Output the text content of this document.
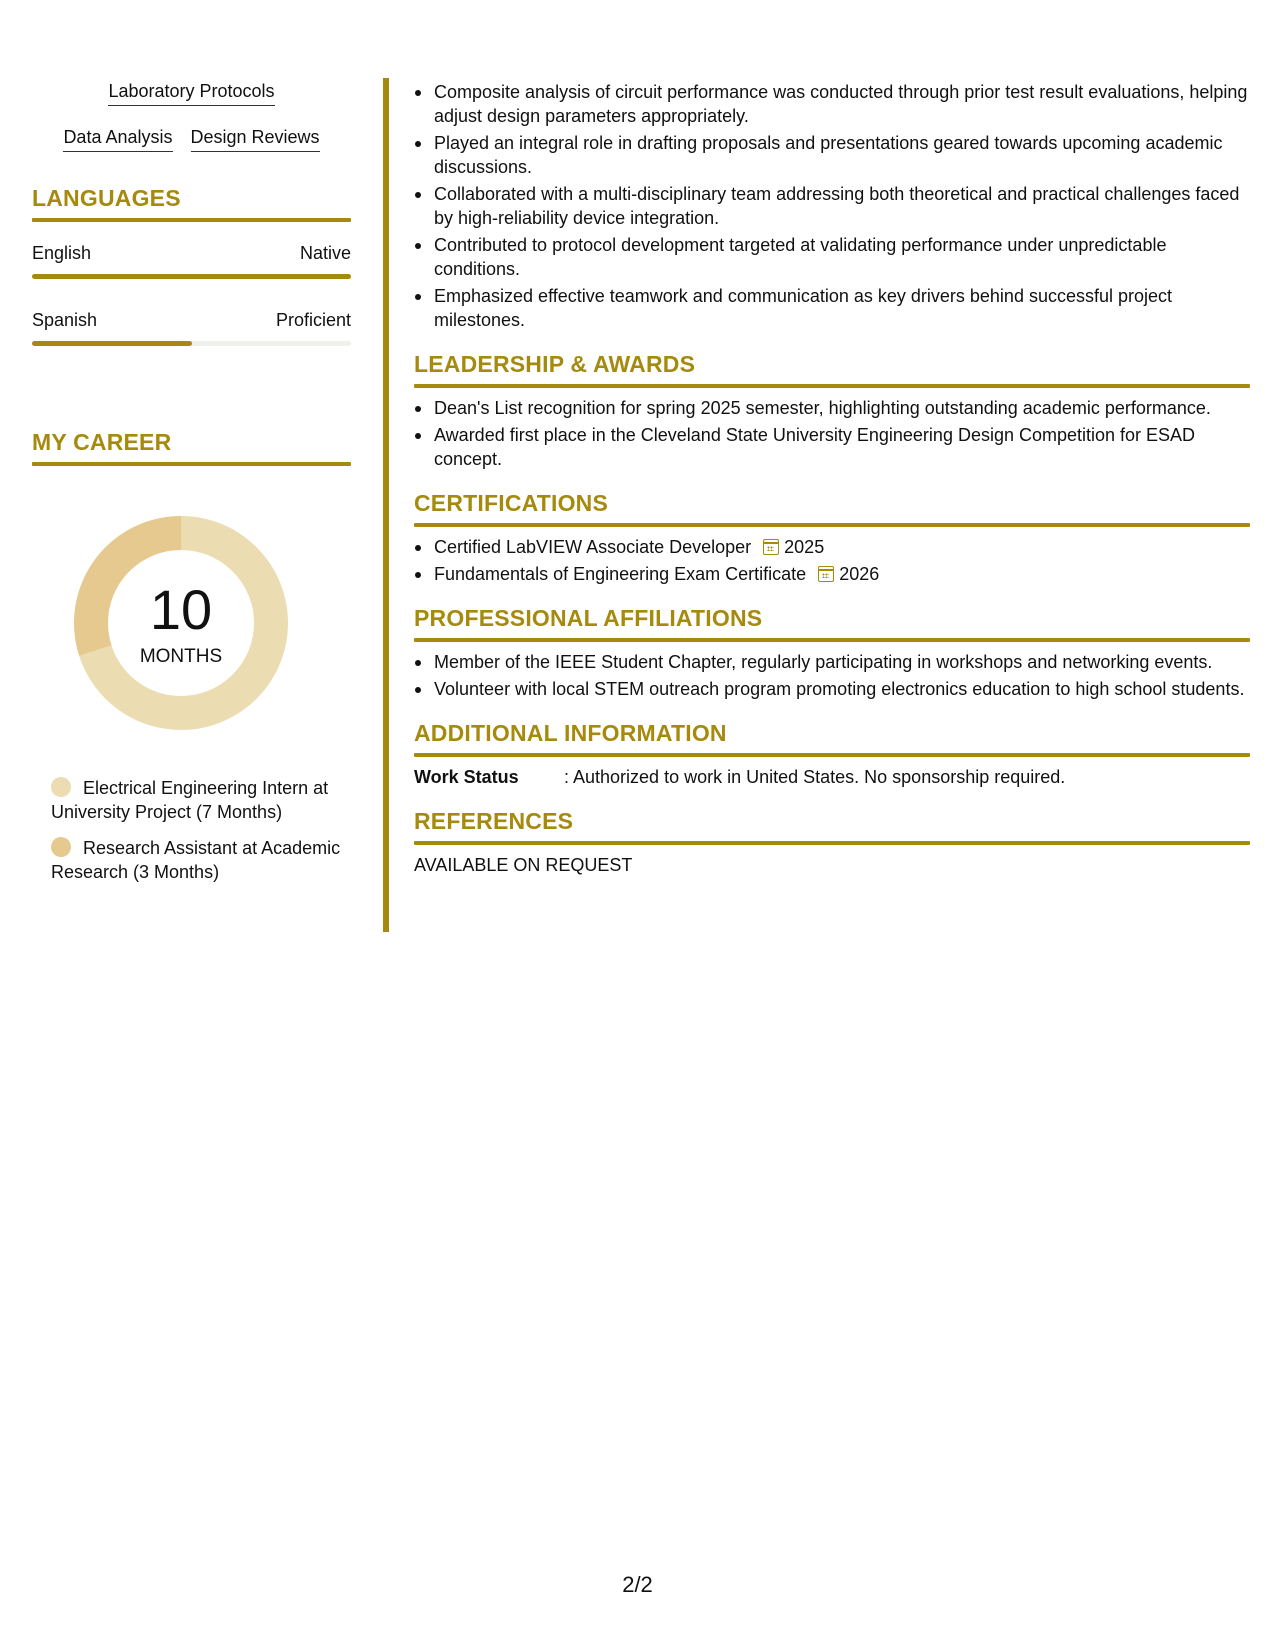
Laboratory Protocols
Data Analysis Design Reviews
LANGUAGES
English	Native
Spanish	Proficient
MY CAREER
10
MONTHS
Electrical Engineering Intern at University Project (7 Months)
Research Assistant at Academic Research (3 Months)
Composite analysis of circuit performance was conducted through prior test result evaluations, helping adjust design parameters appropriately.
Played an integral role in drafting proposals and presentations geared towards upcoming academic discussions.
Collaborated with a multi-disciplinary team addressing both theoretical and practical challenges faced by high-reliability device integration.
Contributed to protocol development targeted at validating performance under unpredictable conditions.
Emphasized effective teamwork and communication as key drivers behind successful project milestones.
LEADERSHIP & AWARDS
Dean's List recognition for spring 2025 semester, highlighting outstanding academic performance.
Awarded first place in the Cleveland State University Engineering Design Competition for ESAD concept.
CERTIFICATIONS
Certified LabVIEW Associate Developer 2025
Fundamentals of Engineering Exam Certificate 2026
PROFESSIONAL AFFILIATIONS
Member of the IEEE Student Chapter, regularly participating in workshops and networking events.
Volunteer with local STEM outreach program promoting electronics education to high school students.
ADDITIONAL INFORMATION
Work Status	: Authorized to work in United States. No sponsorship required.
REFERENCES
AVAILABLE ON REQUEST
2/2
